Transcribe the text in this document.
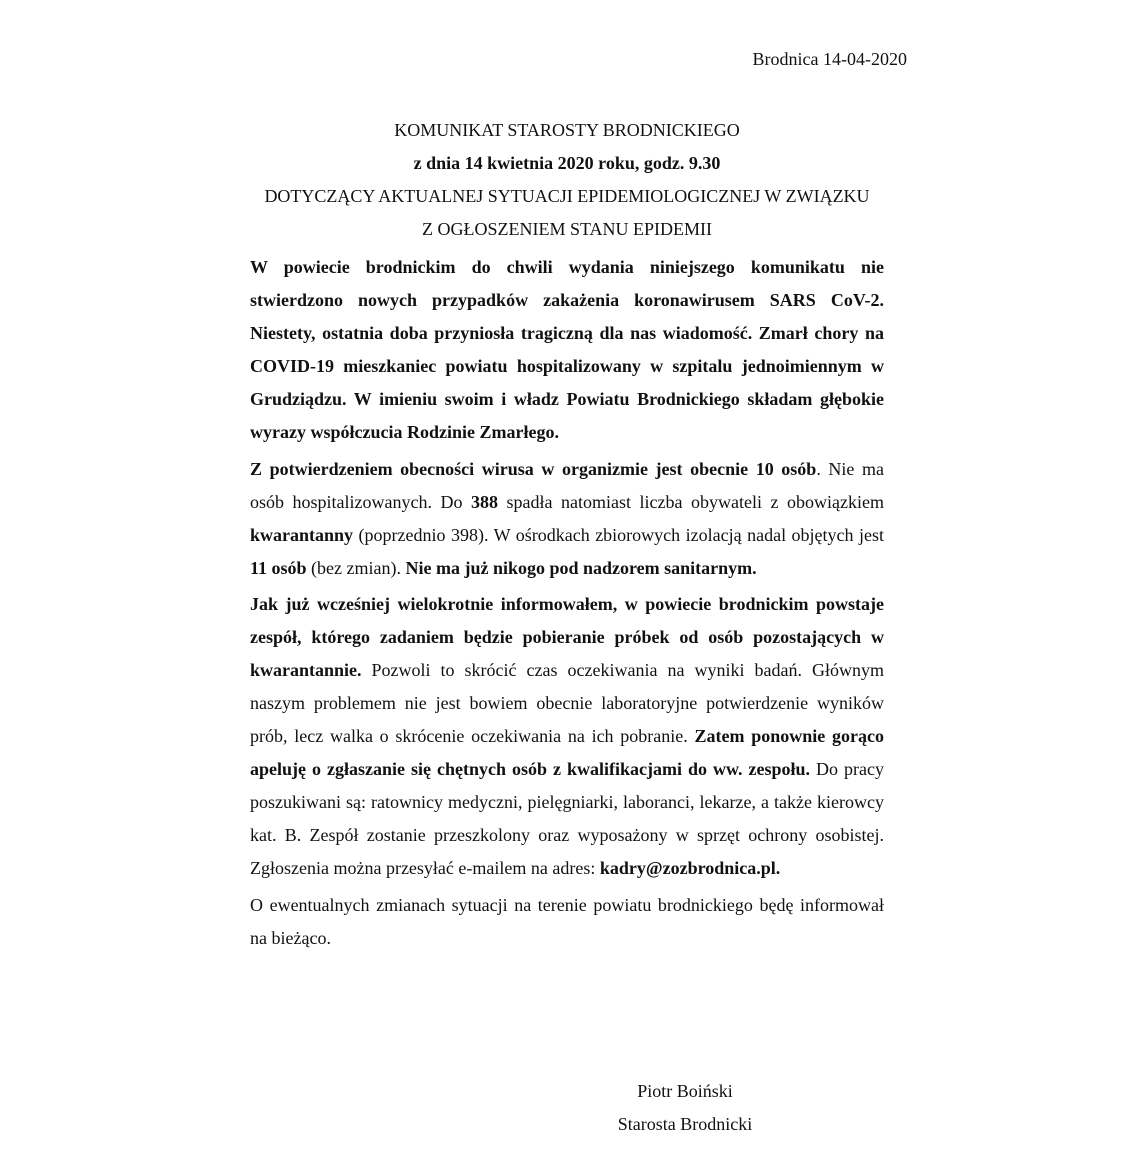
Brodnica 14-04-2020
KOMUNIKAT STAROSTY BRODNICKIEGO
z dnia 14 kwietnia 2020 roku, godz. 9.30
DOTYCZĄCY AKTUALNEJ SYTUACJI EPIDEMIOLOGICZNEJ W ZWIĄZKU
Z OGŁOSZENIEM STANU EPIDEMII

W powiecie brodnickim do chwili wydania niniejszego komunikatu nie stwierdzono nowych przypadków zakażenia koronawirusem SARS CoV-2. Niestety, ostatnia doba przyniosła tragiczną dla nas wiadomość. Zmarł chory na COVID-19 mieszkaniec powiatu hospitalizowany w szpitalu jednoimiennym w Grudziądzu. W imieniu swoim i władz Powiatu Brodnickiego składam głębokie wyrazy współczucia Rodzinie Zmarłego.

Z potwierdzeniem obecności wirusa w organizmie jest obecnie 10 osób. Nie ma osób hospitalizowanych. Do 388 spadła natomiast liczba obywateli z obowiązkiem kwarantanny (poprzednio 398). W ośrodkach zbiorowych izolacją nadal objętych jest 11 osób (bez zmian). Nie ma już nikogo pod nadzorem sanitarnym.

Jak już wcześniej wielokrotnie informowałem, w powiecie brodnickim powstaje zespół, którego zadaniem będzie pobieranie próbek od osób pozostających w kwarantannie. Pozwoli to skrócić czas oczekiwania na wyniki badań. Głównym naszym problemem nie jest bowiem obecnie laboratoryjne potwierdzenie wyników prób, lecz walka o skrócenie oczekiwania na ich pobranie. Zatem ponownie gorąco apeluję o zgłaszanie się chętnych osób z kwalifikacjami do ww. zespołu. Do pracy poszukiwani są: ratownicy medyczni, pielęgniarki, laboranci, lekarze, a także kierowcy kat. B. Zespół zostanie przeszkolony oraz wyposażony w sprzęt ochrony osobistej. Zgłoszenia można przesyłać e-mailem na adres: kadry@zozbrodnica.pl.

O ewentualnych zmianach sytuacji na terenie powiatu brodnickiego będę informował na bieżąco.

Piotr Boiński
Starosta Brodnicki
